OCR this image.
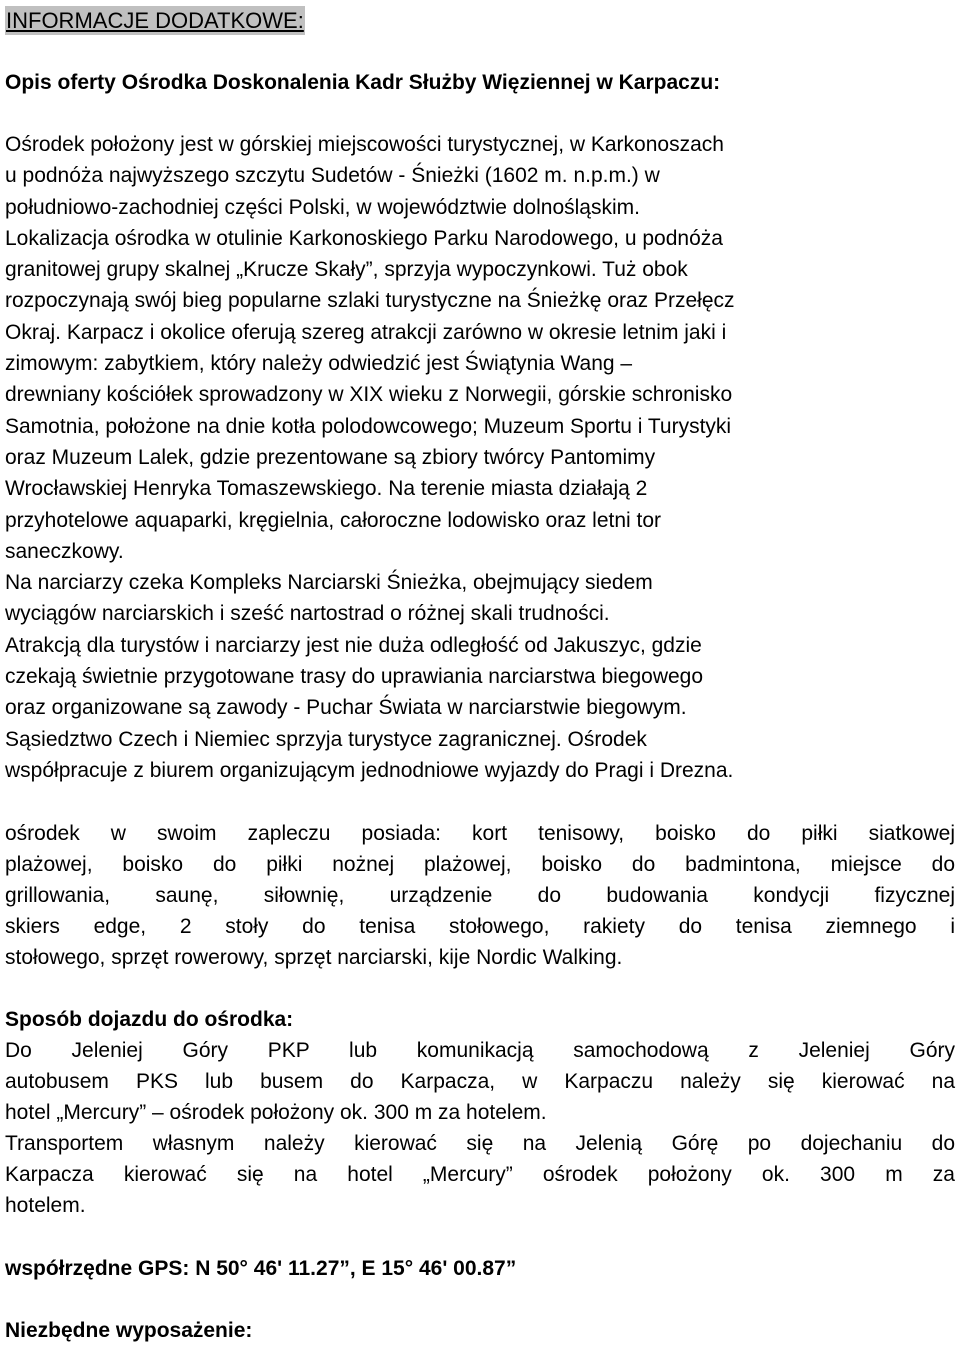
INFORMACJE DODATKOWE:
Opis oferty Ośrodka Doskonalenia Kadr Służby Więziennej w Karpaczu:
Ośrodek położony jest w górskiej miejscowości turystycznej, w Karkonoszach
u podnóża najwyższego szczytu Sudetów - Śnieżki (1602 m. n.p.m.) w
południowo-zachodniej części Polski, w województwie dolnośląskim.
Lokalizacja ośrodka w otulinie Karkonoskiego Parku Narodowego, u podnóża
granitowej grupy skalnej „Krucze Skały”, sprzyja wypoczynkowi. Tuż obok
rozpoczynają swój bieg popularne szlaki turystyczne na Śnieżkę oraz Przełęcz
Okraj. Karpacz i okolice oferują szereg atrakcji zarówno w okresie letnim jaki i
zimowym: zabytkiem, który należy odwiedzić jest Świątynia Wang –
drewniany kościółek sprowadzony w XIX wieku z Norwegii, górskie schronisko
Samotnia, położone na dnie kotła polodowcowego; Muzeum Sportu i Turystyki
oraz Muzeum Lalek, gdzie prezentowane są zbiory twórcy Pantomimy
Wrocławskiej Henryka Tomaszewskiego. Na terenie miasta działają 2
przyhotelowe aquaparki, kręgielnia, całoroczne lodowisko oraz letni tor
saneczkowy.
Na narciarzy czeka Kompleks Narciarski Śnieżka, obejmujący siedem
wyciągów narciarskich i sześć nartostrad o różnej skali trudności.
Atrakcją dla turystów i narciarzy jest nie duża odległość od Jakuszyc, gdzie
czekają świetnie przygotowane trasy do uprawiania narciarstwa biegowego
oraz organizowane są zawody - Puchar Świata w narciarstwie biegowym.
Sąsiedztwo Czech i Niemiec sprzyja turystyce zagranicznej. Ośrodek
współpracuje z biurem organizującym jednodniowe wyjazdy do Pragi i Drezna.
ośrodek w swoim zapleczu posiada: kort tenisowy, boisko do piłki siatkowej
plażowej, boisko do piłki nożnej plażowej, boisko do badmintona, miejsce do
grillowania, saunę, siłownię, urządzenie do budowania kondycji fizycznej
skiers edge, 2 stoły do tenisa stołowego, rakiety do tenisa ziemnego i
stołowego, sprzęt rowerowy, sprzęt narciarski, kije Nordic Walking.
Sposób dojazdu do ośrodka:
Do Jeleniej Góry PKP lub komunikacją samochodową z Jeleniej Góry
autobusem PKS lub busem do Karpacza, w Karpaczu należy się kierować na
hotel „Mercury” – ośrodek położony ok. 300 m za hotelem.
Transportem własnym należy kierować się na Jelenią Górę po dojechaniu do
Karpacza kierować się na hotel „Mercury” ośrodek położony ok. 300 m za
hotelem.
współrzędne GPS: N 50° 46' 11.27”, E 15° 46' 00.87”
Niezbędne wyposażenie:
